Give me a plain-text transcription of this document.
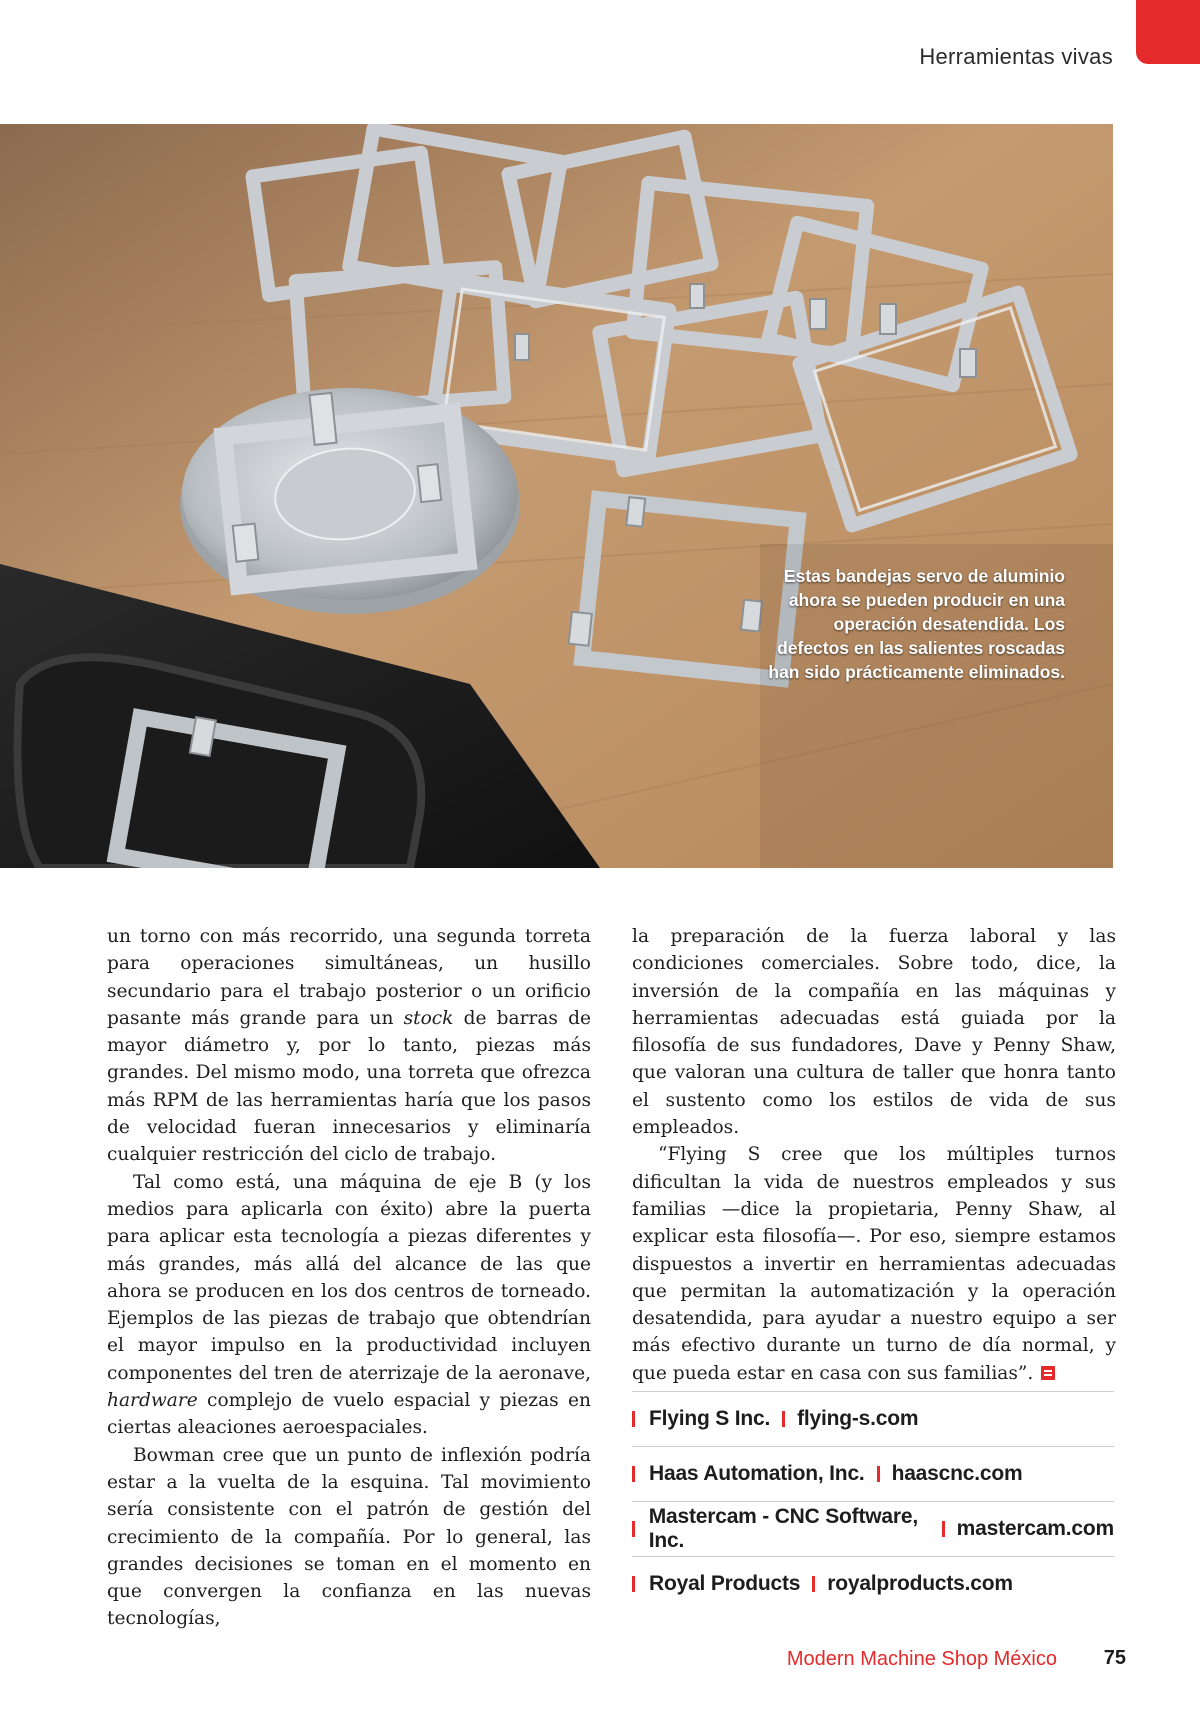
Herramientas vivas
Estas bandejas servo de aluminio ahora se pueden producir en una operación desatendida. Los defectos en las salientes roscadas han sido prácticamente eliminados.

un torno con más recorrido, una segunda torreta para operaciones simultáneas, un husillo secundario para el trabajo posterior o un orificio pasante más grande para un stock de barras de mayor diámetro y, por lo tanto, piezas más grandes. Del mismo modo, una torreta que ofrezca más RPM de las herramientas haría que los pasos de velocidad fueran innecesarios y eliminaría cualquier restricción del ciclo de trabajo.

Tal como está, una máquina de eje B (y los medios para aplicarla con éxito) abre la puerta para aplicar esta tecnología a piezas diferentes y más grandes, más allá del alcance de las que ahora se producen en los dos centros de torneado. Ejemplos de las piezas de trabajo que obtendrían el mayor impulso en la productividad incluyen componentes del tren de aterrizaje de la aeronave, hardware complejo de vuelo espacial y piezas en ciertas aleaciones aeroespaciales.

Bowman cree que un punto de inflexión podría estar a la vuelta de la esquina. Tal movimiento sería consistente con el patrón de gestión del crecimiento de la compañía. Por lo general, las grandes decisiones se toman en el momento en que convergen la confianza en las nuevas tecnologías,

la preparación de la fuerza laboral y las condiciones comerciales. Sobre todo, dice, la inversión de la compañía en las máquinas y herramientas adecuadas está guiada por la filosofía de sus fundadores, Dave y Penny Shaw, que valoran una cultura de taller que honra tanto el sustento como los estilos de vida de sus empleados.

“Flying S cree que los múltiples turnos dificultan la vida de nuestros empleados y sus familias —dice la propietaria, Penny Shaw, al explicar esta filosofía—. Por eso, siempre estamos dispuestos a invertir en herramientas adecuadas que permitan la automatización y la operación desatendida, para ayudar a nuestro equipo a ser más efectivo durante un turno de día normal, y que pueda estar en casa con sus familias”.

Flying S Inc. flying-s.com
Haas Automation, Inc. haascnc.com
Mastercam - CNC Software, Inc.
mastercam.com
Royal Products royalproducts.com
Modern Machine Shop México 75
